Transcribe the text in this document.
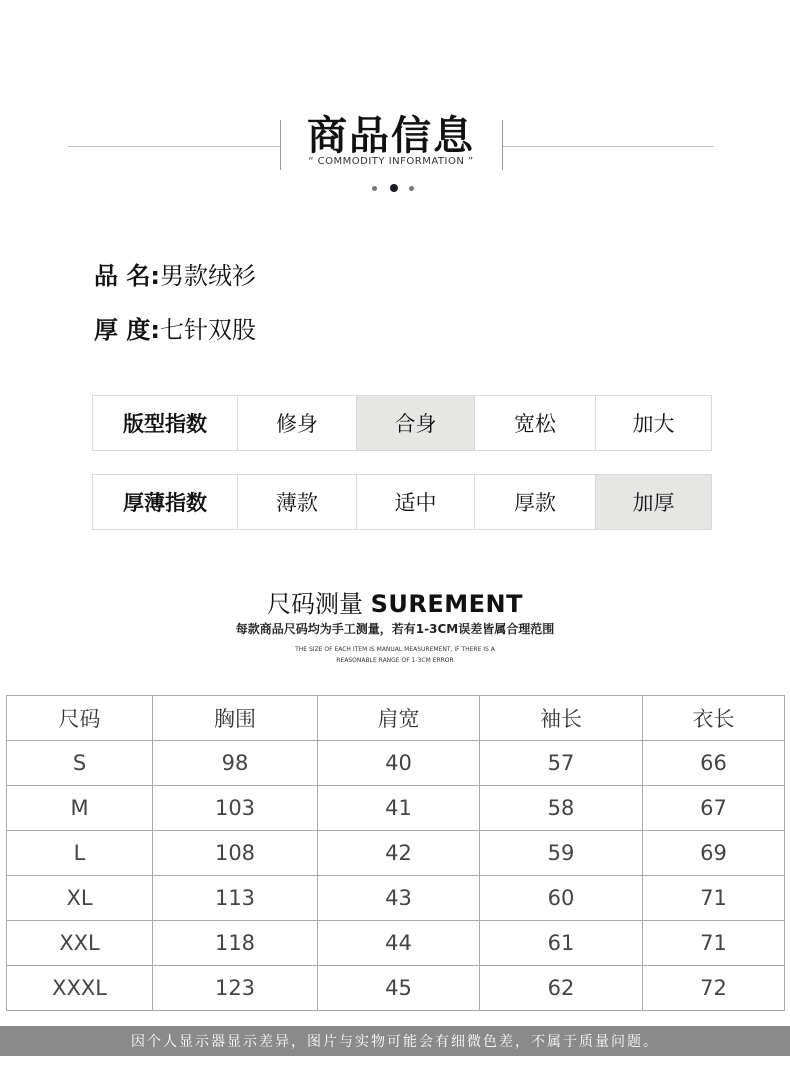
商品信息
“ COMMODITY INFORMATION ”
品 名:男款绒衫
厚 度:七针双股
版型指数	修身	合身	宽松	加大
厚薄指数	薄款	适中	厚款	加厚
尺码测量 SUREMENT
每款商品尺码均为手工测量，若有1-3CM误差皆属合理范围
THE SIZE OF EACH ITEM IS MANUAL MEASUREMENT, IF THERE IS A
REASONABLE RANGE OF 1-3CM ERROR
尺码	胸围	肩宽	袖长	衣长
S	98	40	57	66
M	103	41	58	67
L	108	42	59	69
XL	113	43	60	71
XXL	118	44	61	71
XXXL	123	45	62	72
因个人显示器显示差异，图片与实物可能会有细微色差，不属于质量问题。
